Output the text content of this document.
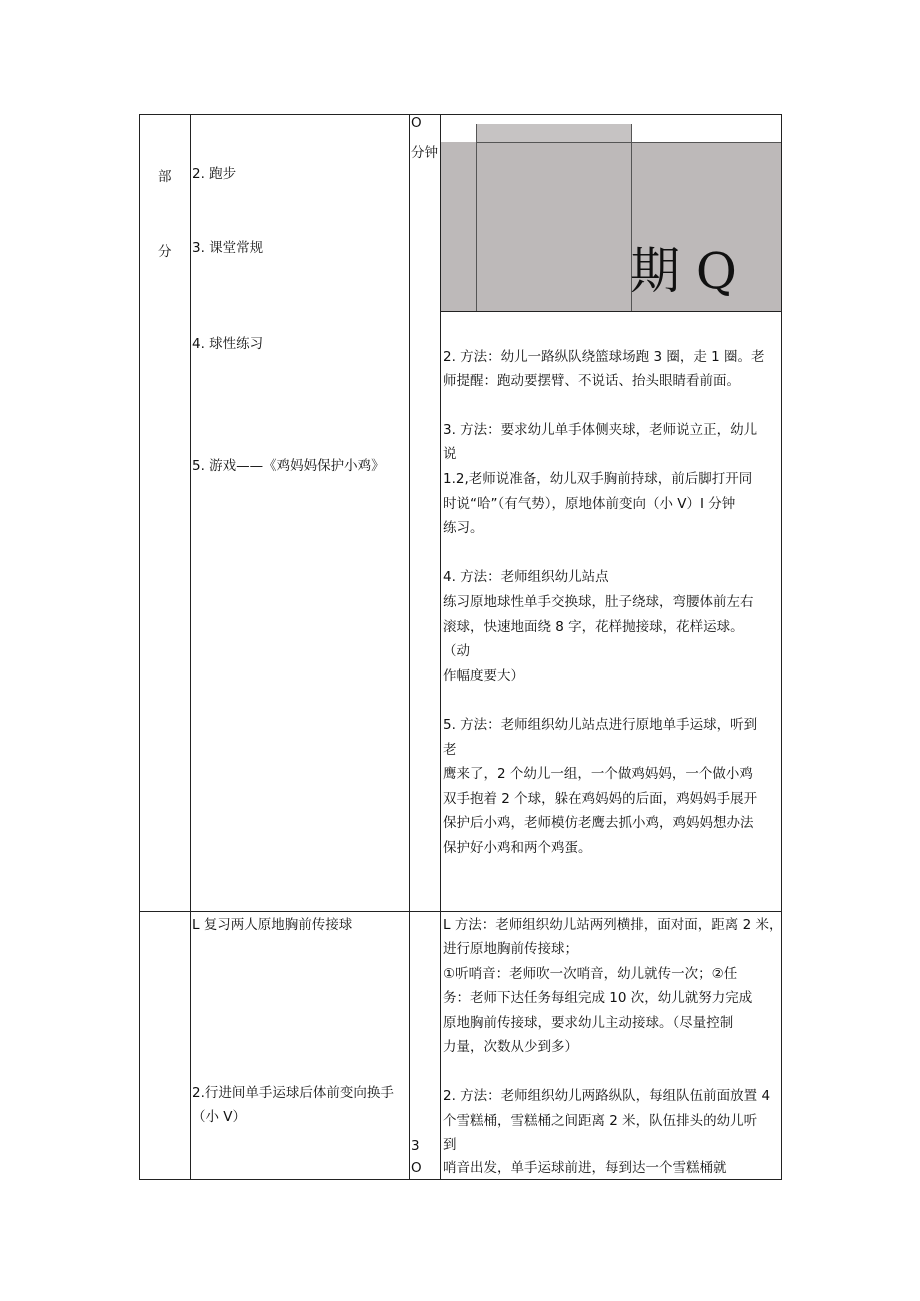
部
分
2. 跑步
3. 课堂常规
4. 球性练习
5. 游戏——《鸡妈妈保护小鸡》
O
分钟
期 Q
2. 方法：幼儿一路纵队绕篮球场跑 3 圈，走 1 圈。老
师提醒：跑动要摆臂、不说话、抬头眼睛看前面。
3. 方法：要求幼儿单手体侧夹球，老师说立正，幼儿
说
1.2,老师说准备，幼儿双手胸前持球，前后脚打开同
时说“哈”（有气势），原地体前变向（小 V）I 分钟
练习。
4. 方法：老师组织幼儿站点
练习原地球性单手交换球，肚子绕球，弯腰体前左右
滚球，快速地面绕 8 字，花样抛接球，花样运球。
（动
作幅度要大）
5. 方法：老师组织幼儿站点进行原地单手运球，听到
老
鹰来了，2 个幼儿一组，一个做鸡妈妈，一个做小鸡
双手抱着 2 个球，躲在鸡妈妈的后面，鸡妈妈手展开
保护后小鸡，老师模仿老鹰去抓小鸡，鸡妈妈想办法
保护好小鸡和两个鸡蛋。
L 复习两人原地胸前传接球
2.行进间单手运球后体前变向换手
（小 V）
3
O
L 方法：老师组织幼儿站两列横排，面对面，距离 2 米，
进行原地胸前传接球；
①听哨音：老师吹一次哨音，幼儿就传一次；②任
务：老师下达任务每组完成 10 次，幼儿就努力完成
原地胸前传接球，要求幼儿主动接球。（尽量控制
力量，次数从少到多）
2. 方法：老师组织幼儿两路纵队，每组队伍前面放置 4
个雪糕桶，雪糕桶之间距离 2 米，队伍排头的幼儿听
到
哨音出发，单手运球前进，每到达一个雪糕桶就
